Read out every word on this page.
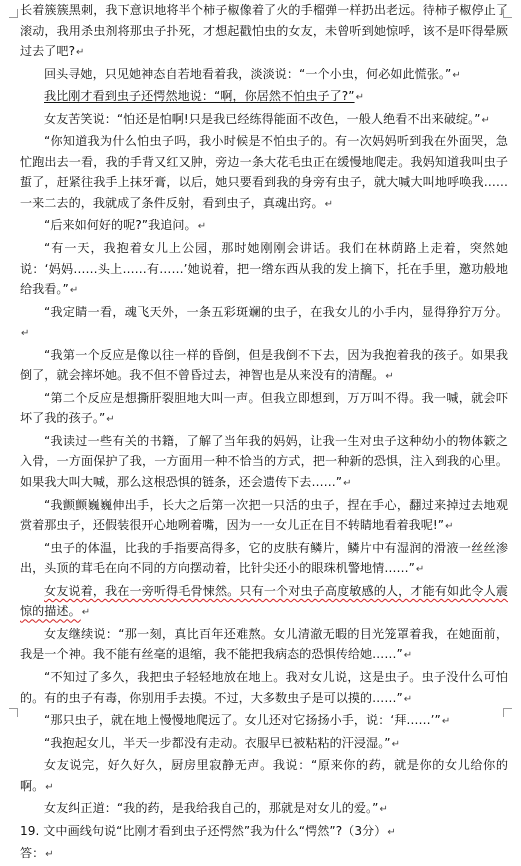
长着簇簇黑刺，我下意识地将半个柿子椒像着了火的手榴弹一样扔出老远。待柿子椒停止了滚动，我用杀虫剂将那虫子扑死，才想起戳怕虫的女友，未曾听到她惊呼，该不是吓得晕厥过去了吧?↵

回头寻她，只见她神态自若地看着我，淡淡说：“一个小虫，何必如此慌张。”↵

我比刚才看到虫子还愕然地说：“啊，你居然不怕虫子了?”↵

女友苦笑说：“怕还是怕啊!只是我已经练得能面不改色，一般人绝看不出来破绽。”↵

“你知道我为什么怕虫子吗，我小时候是不怕虫子的。有一次妈妈听到我在外面哭，急忙跑出去一看，我的手背又红又肿，旁边一条大花毛虫正在缓慢地爬走。我妈知道我叫虫子蜇了，赶紧往我手上抹牙膏，以后，她只要看到我的身旁有虫子，就大喊大叫地呼唤我……一来二去的，我就成了条件反射，看到虫子，真魂出窍。↵

“后来如何好的呢?”我追问。↵

“有一天，我抱着女儿上公园，那时她刚刚会讲话。我们在林荫路上走着，突然她说：‘妈妈……头上……有……’她说着，把一绺东西从我的发上摘下，托在手里，邀功般地给我看。”↵

“我定睛一看，魂飞天外，一条五彩斑斓的虫子，在我女儿的小手内，显得狰狞万分。↵

“我第一个反应是像以往一样的昏倒，但是我倒不下去，因为我抱着我的孩子。如果我倒了，就会摔坏她。我不但不曾昏过去，神智也是从来没有的清醒。↵

“第二个反应是想撕肝裂胆地大叫一声。但我立即想到，万万叫不得。我一喊，就会吓坏了我的孩子。”↵

“我读过一些有关的书籍，了解了当年我的妈妈，让我一生对虫子这种幼小的物体簌之入骨，一方面保护了我，一方面用一种不恰当的方式，把一种新的恐惧，注入到我的心里。如果我大叫大喊，那么这根恐惧的链条，还会遗传下去……”↵

“我颤颤巍巍伸出手，长大之后第一次把一只活的虫子，捏在手心，翻过来掉过去地观赏着那虫子，还假装很开心地咧着嘴，因为一一女儿正在目不转睛地看着我呢!”↵

“虫子的体温，比我的手指要高得多，它的皮肤有鳞片，鳞片中有湿润的滑液一丝丝渗出，头顶的茸毛在向不同的方向摆动着，比针尖还小的眼珠机警地情……”↵

女友说着，我在一旁听得毛骨悚然。只有一个对虫子高度敏感的人，才能有如此令人震惊的描述。↵

女友继续说：“那一刻，真比百年还难熬。女儿清澈无暇的目光笼罩着我，在她面前，我是一个神。我不能有丝毫的退缩，我不能把我病态的恐惧传给她……”↵

“不知过了多久，我把虫子轻轻地放在地上。我对女儿说，这是虫子。虫子没什么可怕的。有的虫子有毒，你别用手去摸。不过，大多数虫子是可以摸的……”↵

“那只虫子，就在地上慢慢地爬远了。女儿还对它扬扬小手，说：‘拜……’”↵

“我抱起女儿，半天一步都没有走动。衣服早已被粘粘的汗浸湿。”↵

女友说完，好久好久，厨房里寂静无声。我说：“原来你的药，就是你的女儿给你的啊。↵

女友纠正道：“我的药，是我给我自己的，那就是对女儿的爱。”↵

19. 文中画线句说“比刚才看到虫子还愕然”我为什么“愕然”?（3分）↵

答：↵
